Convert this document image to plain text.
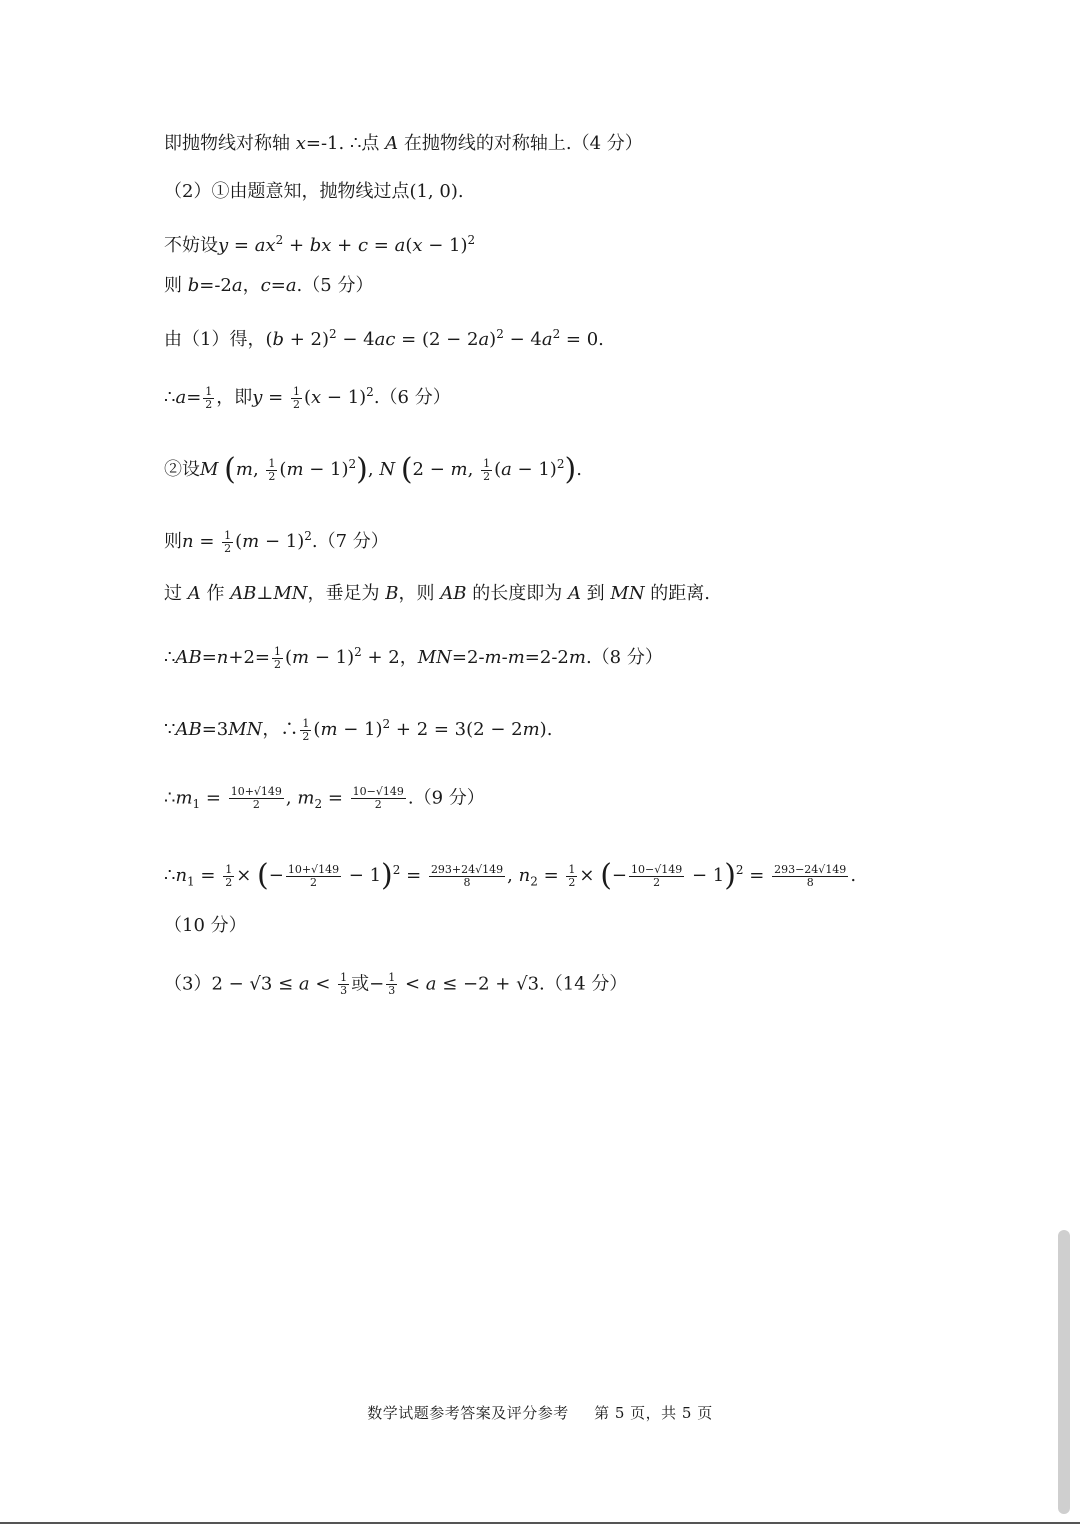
即抛物线对称轴 x=-1. ∴点 A 在抛物线的对称轴上.（4 分）
（2）①由题意知，抛物线过点(1, 0).
不妨设$y = ax^2$ + bx + $c = a(x - 1)^2$
则 b=-2a，c=a.（5 分）
由（1）得，$(b + 2)^2 - 4ac = (2 - 2a)^2 - 4a^2 = 0$.
∴a= $\frac{1}{2}$ ，即$y = \frac{1}{2} (x - 1)^2.(6$ 分）
②设M (m, $\frac{1}{2} (m - 1)^2$), N (2 − m, $\frac{1}{2} (a - 1)^2$).
则$n = \frac{1}{2} (m - 1)^2.(7$ 分）
过 A 作 AB⊥MN，垂足为 B，则 AB 的长度即为 A 到 MN 的距离.
∴AB=n+2= $\frac{1}{2} (m - 1)^2 + 2$，MN=2-m-m=2-2m.（8 分）
∵AB=3MN，∴ $\frac{1}{2} (m - 1)^2 + 2 = 3(2 - 2m)$.
$\therefore m_1 = \frac{10+√149}{2}$ , $m_2 = \frac{10-√149}{2} .(9$ 分）
$\therefore n_1 = \frac{1}{2}$ × (− $\frac{10+√149}{2} - 1)^2 = \frac{293+24√149}{8}$ , $n_2 = \frac{1}{2}$ × (− $\frac{10-√149}{2} - 1)^2 = \frac{293-24√149}{8}$ .
（10 分）
$(3)2 - √3 \le a < \frac{1}{3}$ 或− $\frac{1}{3} < a \le -2 + √3.(14$ 分）
数学试题参考答案及评分参考 第 5 页，共 5 页
